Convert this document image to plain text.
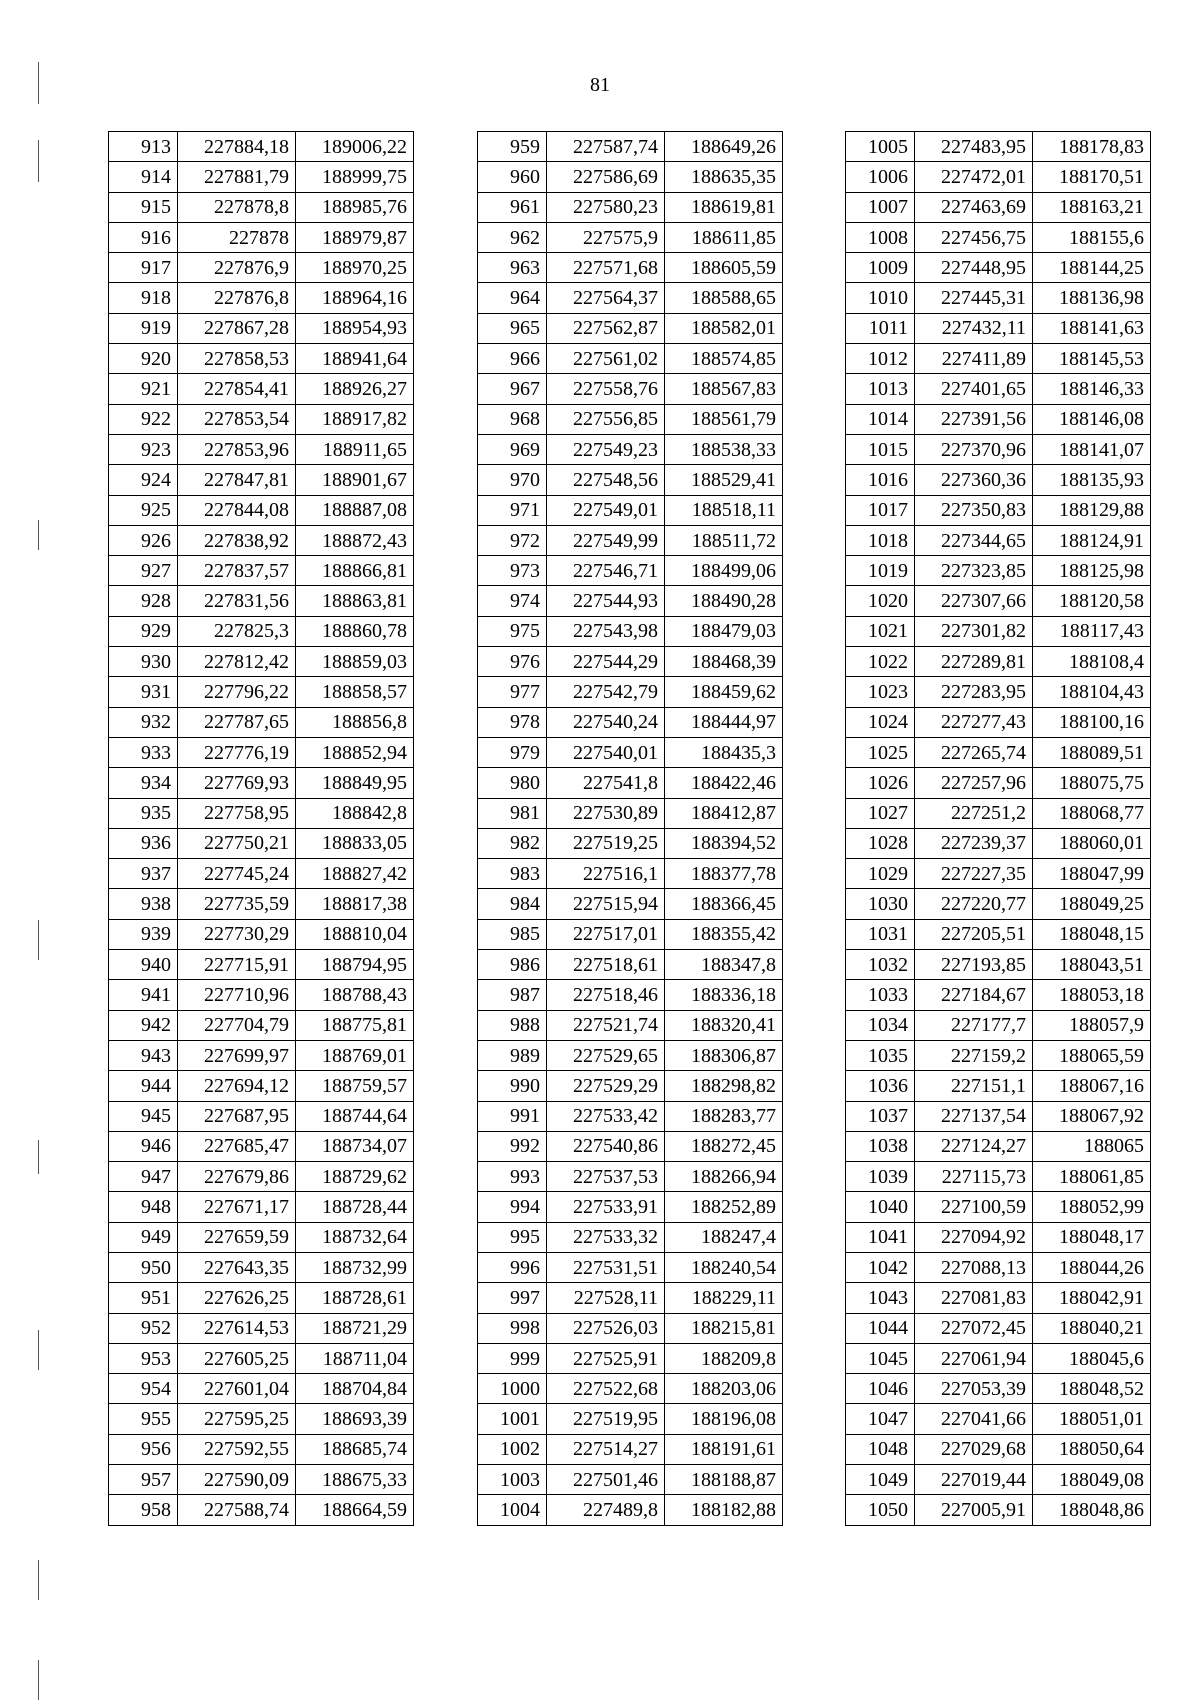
81
913	227884,18	189006,22
914	227881,79	188999,75
915	227878,8	188985,76
916	227878	188979,87
917	227876,9	188970,25
918	227876,8	188964,16
919	227867,28	188954,93
920	227858,53	188941,64
921	227854,41	188926,27
922	227853,54	188917,82
923	227853,96	188911,65
924	227847,81	188901,67
925	227844,08	188887,08
926	227838,92	188872,43
927	227837,57	188866,81
928	227831,56	188863,81
929	227825,3	188860,78
930	227812,42	188859,03
931	227796,22	188858,57
932	227787,65	188856,8
933	227776,19	188852,94
934	227769,93	188849,95
935	227758,95	188842,8
936	227750,21	188833,05
937	227745,24	188827,42
938	227735,59	188817,38
939	227730,29	188810,04
940	227715,91	188794,95
941	227710,96	188788,43
942	227704,79	188775,81
943	227699,97	188769,01
944	227694,12	188759,57
945	227687,95	188744,64
946	227685,47	188734,07
947	227679,86	188729,62
948	227671,17	188728,44
949	227659,59	188732,64
950	227643,35	188732,99
951	227626,25	188728,61
952	227614,53	188721,29
953	227605,25	188711,04
954	227601,04	188704,84
955	227595,25	188693,39
956	227592,55	188685,74
957	227590,09	188675,33
958	227588,74	188664,59
959	227587,74	188649,26
960	227586,69	188635,35
961	227580,23	188619,81
962	227575,9	188611,85
963	227571,68	188605,59
964	227564,37	188588,65
965	227562,87	188582,01
966	227561,02	188574,85
967	227558,76	188567,83
968	227556,85	188561,79
969	227549,23	188538,33
970	227548,56	188529,41
971	227549,01	188518,11
972	227549,99	188511,72
973	227546,71	188499,06
974	227544,93	188490,28
975	227543,98	188479,03
976	227544,29	188468,39
977	227542,79	188459,62
978	227540,24	188444,97
979	227540,01	188435,3
980	227541,8	188422,46
981	227530,89	188412,87
982	227519,25	188394,52
983	227516,1	188377,78
984	227515,94	188366,45
985	227517,01	188355,42
986	227518,61	188347,8
987	227518,46	188336,18
988	227521,74	188320,41
989	227529,65	188306,87
990	227529,29	188298,82
991	227533,42	188283,77
992	227540,86	188272,45
993	227537,53	188266,94
994	227533,91	188252,89
995	227533,32	188247,4
996	227531,51	188240,54
997	227528,11	188229,11
998	227526,03	188215,81
999	227525,91	188209,8
1000	227522,68	188203,06
1001	227519,95	188196,08
1002	227514,27	188191,61
1003	227501,46	188188,87
1004	227489,8	188182,88
1005	227483,95	188178,83
1006	227472,01	188170,51
1007	227463,69	188163,21
1008	227456,75	188155,6
1009	227448,95	188144,25
1010	227445,31	188136,98
1011	227432,11	188141,63
1012	227411,89	188145,53
1013	227401,65	188146,33
1014	227391,56	188146,08
1015	227370,96	188141,07
1016	227360,36	188135,93
1017	227350,83	188129,88
1018	227344,65	188124,91
1019	227323,85	188125,98
1020	227307,66	188120,58
1021	227301,82	188117,43
1022	227289,81	188108,4
1023	227283,95	188104,43
1024	227277,43	188100,16
1025	227265,74	188089,51
1026	227257,96	188075,75
1027	227251,2	188068,77
1028	227239,37	188060,01
1029	227227,35	188047,99
1030	227220,77	188049,25
1031	227205,51	188048,15
1032	227193,85	188043,51
1033	227184,67	188053,18
1034	227177,7	188057,9
1035	227159,2	188065,59
1036	227151,1	188067,16
1037	227137,54	188067,92
1038	227124,27	188065
1039	227115,73	188061,85
1040	227100,59	188052,99
1041	227094,92	188048,17
1042	227088,13	188044,26
1043	227081,83	188042,91
1044	227072,45	188040,21
1045	227061,94	188045,6
1046	227053,39	188048,52
1047	227041,66	188051,01
1048	227029,68	188050,64
1049	227019,44	188049,08
1050	227005,91	188048,86
